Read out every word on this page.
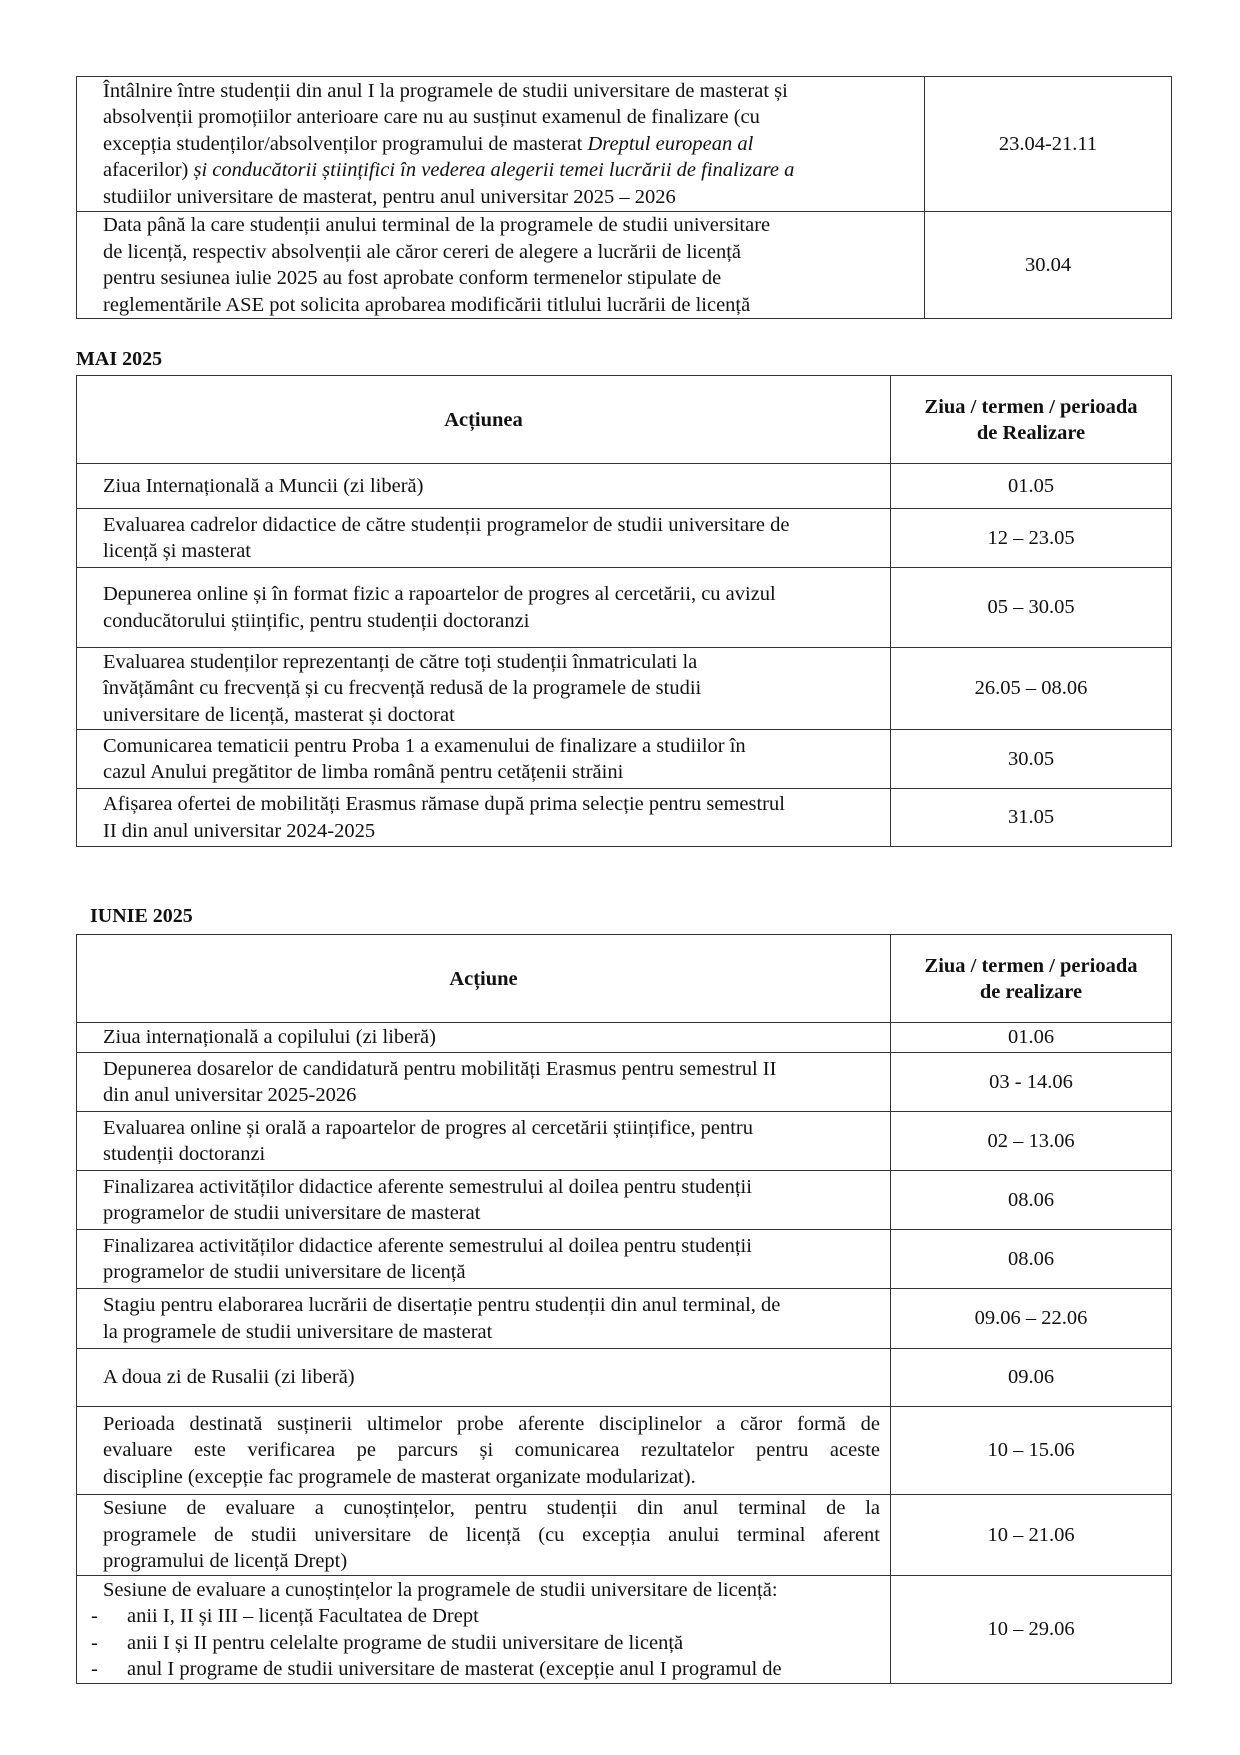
MAI 2025
IUNIE 2025
Întâlnire între studenții din anul I la programele de studii universitare de masterat și
absolvenții promoțiilor anterioare care nu au susținut examenul de finalizare (cu
excepția studenților/absolvenților programului de masterat Dreptul european al
afacerilor) și conducătorii științifici în vederea alegerii temei lucrării de finalizare a
studiilor universitare de masterat, pentru anul universitar 2025 – 2026	23.04-21.11

Data până la care studenții anului terminal de la programele de studii universitare
de licență, respectiv absolvenții ale căror cereri de alegere a lucrării de licență
pentru sesiunea iulie 2025 au fost aprobate conform termenelor stipulate de
reglementările ASE pot solicita aprobarea modificării titlului lucrării de licență	30.04
Acțiunea	Ziua / termen / perioada
de Realizare

Ziua Internațională a Muncii (zi liberă)	01.05

Evaluarea cadrelor didactice de către studenții programelor de studii universitare de
licență și masterat	12 – 23.05

Depunerea online și în format fizic a rapoartelor de progres al cercetării, cu avizul
conducătorului științific, pentru studenții doctoranzi	05 – 30.05

Evaluarea studenților reprezentanți de către toți studenții înmatriculati la
învățământ cu frecvență și cu frecvență redusă de la programele de studii
universitare de licență, masterat și doctorat	26.05 – 08.06

Comunicarea tematicii pentru Proba 1 a examenului de finalizare a studiilor în
cazul Anului pregătitor de limba română pentru cetățenii străini	30.05

Afișarea ofertei de mobilități Erasmus rămase după prima selecție pentru semestrul
II din anul universitar 2024-2025	31.05
Acțiune	Ziua / termen / perioada
de realizare

Ziua internațională a copilului (zi liberă)	01.06

Depunerea dosarelor de candidatură pentru mobilități Erasmus pentru semestrul II
din anul universitar 2025-2026	03 - 14.06

Evaluarea online și orală a rapoartelor de progres al cercetării științifice, pentru
studenții doctoranzi	02 – 13.06

Finalizarea activităților didactice aferente semestrului al doilea pentru studenții
programelor de studii universitare de masterat	08.06

Finalizarea activităților didactice aferente semestrului al doilea pentru studenții
programelor de studii universitare de licență	08.06

Stagiu pentru elaborarea lucrării de disertație pentru studenții din anul terminal, de
la programele de studii universitare de masterat	09.06 – 22.06

A doua zi de Rusalii (zi liberă)	09.06

Perioada destinată susținerii ultimelor probe aferente disciplinelor a căror formă de
evaluare este verificarea pe parcurs și comunicarea rezultatelor pentru aceste
discipline (excepție fac programele de masterat organizate modularizat).	10 – 15.06

Sesiune de evaluare a cunoștințelor, pentru studenții din anul terminal de la
programele de studii universitare de licență (cu excepția anului terminal aferent
programului de licență Drept)	10 – 21.06

Sesiune de evaluare a cunoștințelor la programele de studii universitare de licență:
- anii I, II și III – licență Facultatea de Drept
- anii I și II pentru celelalte programe de studii universitare de licență
- anul I programe de studii universitare de masterat (excepție anul I programul de	10 – 29.06
